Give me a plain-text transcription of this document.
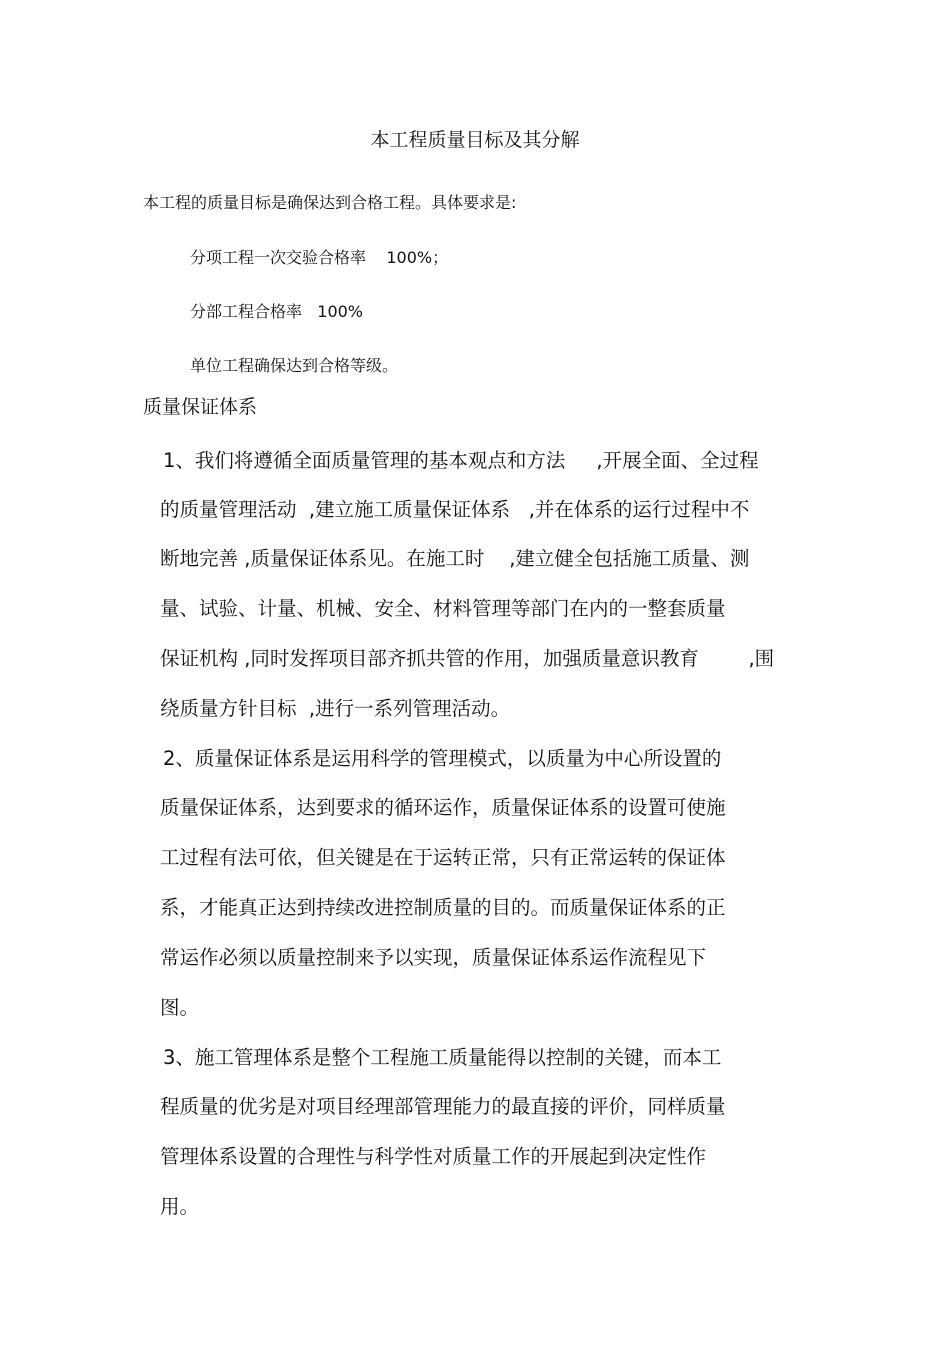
本工程质量目标及其分解
本工程的质量目标是确保达到合格工程。具体要求是:
分项工程一次交验合格率    100%；
分部工程合格率   100%
单位工程确保达到合格等级。
质量保证体系
1、我们将遵循全面质量管理的基本观点和方法     ,开展全面、全过程
的质量管理活动  ,建立施工质量保证体系   ,并在体系的运行过程中不
断地完善 ,质量保证体系见。在施工时    ,建立健全包括施工质量、测
量、试验、计量、机械、安全、材料管理等部门在内的一整套质量
保证机构 ,同时发挥项目部齐抓共管的作用，加强质量意识教育        ,围
绕质量方针目标  ,进行一系列管理活动。
2、质量保证体系是运用科学的管理模式，以质量为中心所设置的
质量保证体系，达到要求的循环运作，质量保证体系的设置可使施
工过程有法可依，但关键是在于运转正常，只有正常运转的保证体
系，才能真正达到持续改进控制质量的目的。而质量保证体系的正
常运作必须以质量控制来予以实现，质量保证体系运作流程见下
图。
3、施工管理体系是整个工程施工质量能得以控制的关键，而本工
程质量的优劣是对项目经理部管理能力的最直接的评价，同样质量
管理体系设置的合理性与科学性对质量工作的开展起到决定性作
用。
